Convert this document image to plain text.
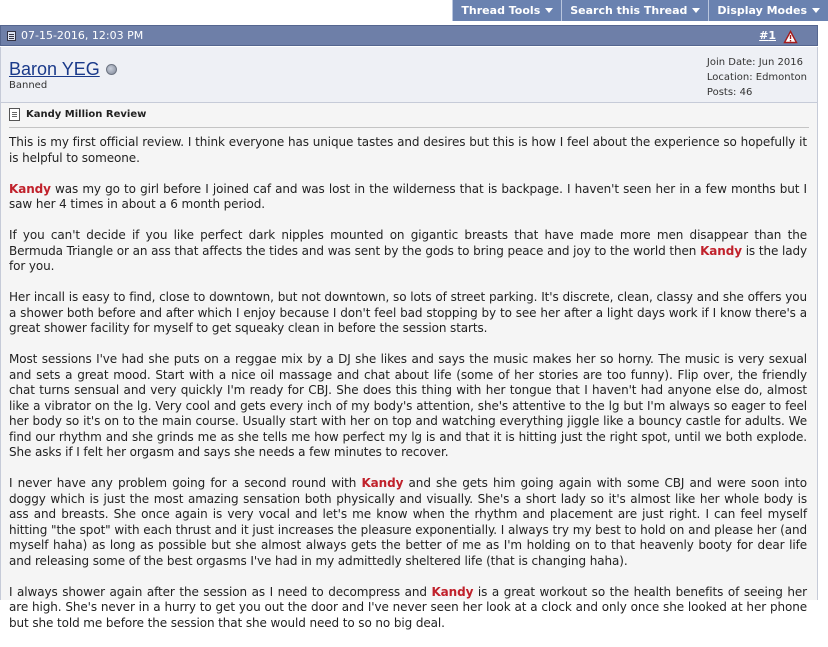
Thread Tools	Search this Thread	Display Modes
07-15-2016, 12:03 PM	#1
Baron YEG
Banned
Join Date: Jun 2016
Location: Edmonton
Posts: 46
Kandy Million Review

This is my first official review. I think everyone has unique tastes and desires but this is how I feel about the experience so hopefully it is helpful to someone.

Kandy was my go to girl before I joined caf and was lost in the wilderness that is backpage. I haven't seen her in a few months but I saw her 4 times in about a 6 month period.

If you can't decide if you like perfect dark nipples mounted on gigantic breasts that have made more men disappear than the Bermuda Triangle or an ass that affects the tides and was sent by the gods to bring peace and joy to the world then Kandy is the lady for you.

Her incall is easy to find, close to downtown, but not downtown, so lots of street parking. It's discrete, clean, classy and she offers you a shower both before and after which I enjoy because I don't feel bad stopping by to see her after a light days work if I know there's a great shower facility for myself to get squeaky clean in before the session starts.

Most sessions I've had she puts on a reggae mix by a DJ she likes and says the music makes her so horny. The music is very sexual and sets a great mood. Start with a nice oil massage and chat about life (some of her stories are too funny). Flip over, the friendly chat turns sensual and very quickly I'm ready for CBJ. She does this thing with her tongue that I haven't had anyone else do, almost like a vibrator on the lg. Very cool and gets every inch of my body's attention, she's attentive to the lg but I'm always so eager to feel her body so it's on to the main course. Usually start with her on top and watching everything jiggle like a bouncy castle for adults. We find our rhythm and she grinds me as she tells me how perfect my lg is and that it is hitting just the right spot, until we both explode. She asks if I felt her orgasm and says she needs a few minutes to recover.

I never have any problem going for a second round with Kandy and she gets him going again with some CBJ and were soon into doggy which is just the most amazing sensation both physically and visually. She's a short lady so it's almost like her whole body is ass and breasts. She once again is very vocal and let's me know when the rhythm and placement are just right. I can feel myself hitting "the spot" with each thrust and it just increases the pleasure exponentially. I always try my best to hold on and please her (and myself haha) as long as possible but she almost always gets the better of me as I'm holding on to that heavenly booty for dear life and releasing some of the best orgasms I've had in my admittedly sheltered life (that is changing haha).

I always shower again after the session as I need to decompress and Kandy is a great workout so the health benefits of seeing her are high. She's never in a hurry to get you out the door and I've never seen her look at a clock and only once she looked at her phone but she told me before the session that she would need to so no big deal.
